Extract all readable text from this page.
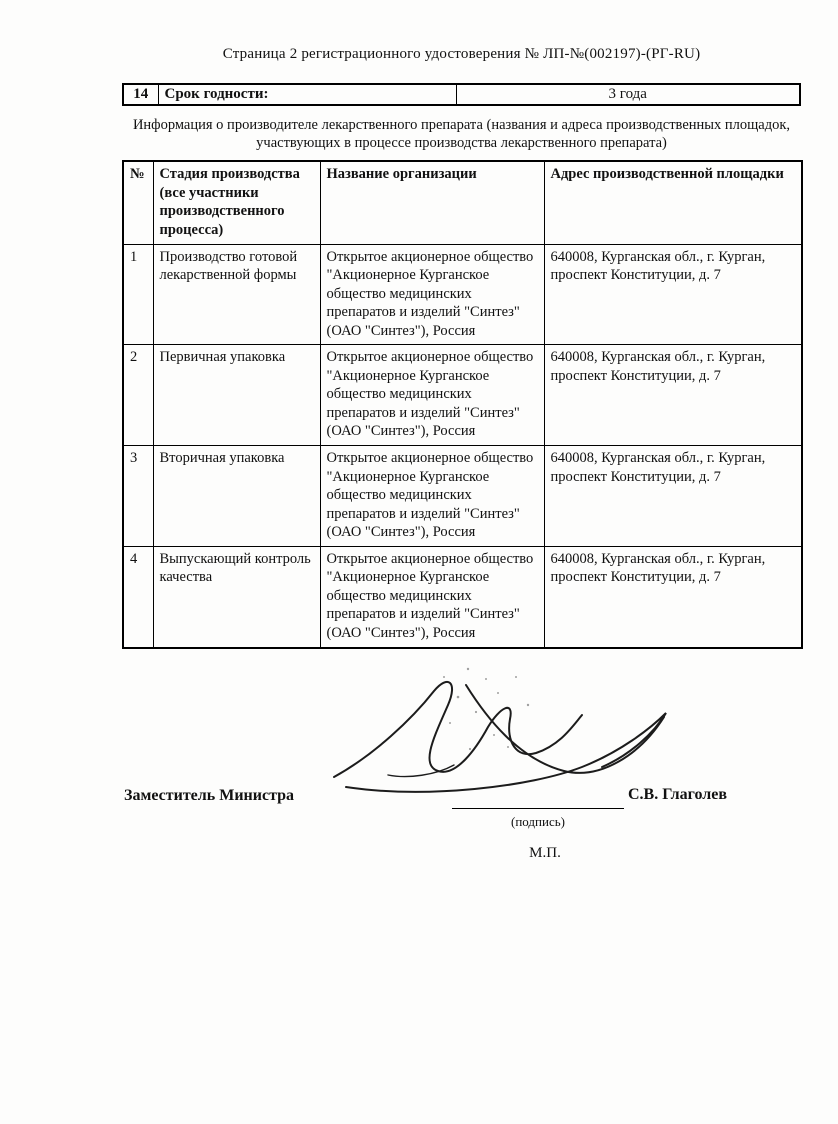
Страница 2 регистрационного удостоверения № ЛП-№(002197)-(РГ-RU)
14	Срок годности:	3 года
Информация о производителе лекарственного препарата (названия и адреса производственных площадок, участвующих в процессе производства лекарственного препарата)
№	Стадия производства (все участники производственного процесса)	Название организации	Адрес производственной площадки
1	Производство готовой лекарственной формы	Открытое акционерное общество "Акционерное Курганское общество медицинских препаратов и изделий "Синтез" (ОАО "Синтез"), Россия	640008, Курганская обл., г. Курган, проспект Конституции, д. 7
2	Первичная упаковка	Открытое акционерное общество "Акционерное Курганское общество медицинских препаратов и изделий "Синтез" (ОАО "Синтез"), Россия	640008, Курганская обл., г. Курган, проспект Конституции, д. 7
3	Вторичная упаковка	Открытое акционерное общество "Акционерное Курганское общество медицинских препаратов и изделий "Синтез" (ОАО "Синтез"), Россия	640008, Курганская обл., г. Курган, проспект Конституции, д. 7
4	Выпускающий контроль качества	Открытое акционерное общество "Акционерное Курганское общество медицинских препаратов и изделий "Синтез" (ОАО "Синтез"), Россия	640008, Курганская обл., г. Курган, проспект Конституции, д. 7
Заместитель Министра	С.В. Глаголев
(подпись)
М.П.
